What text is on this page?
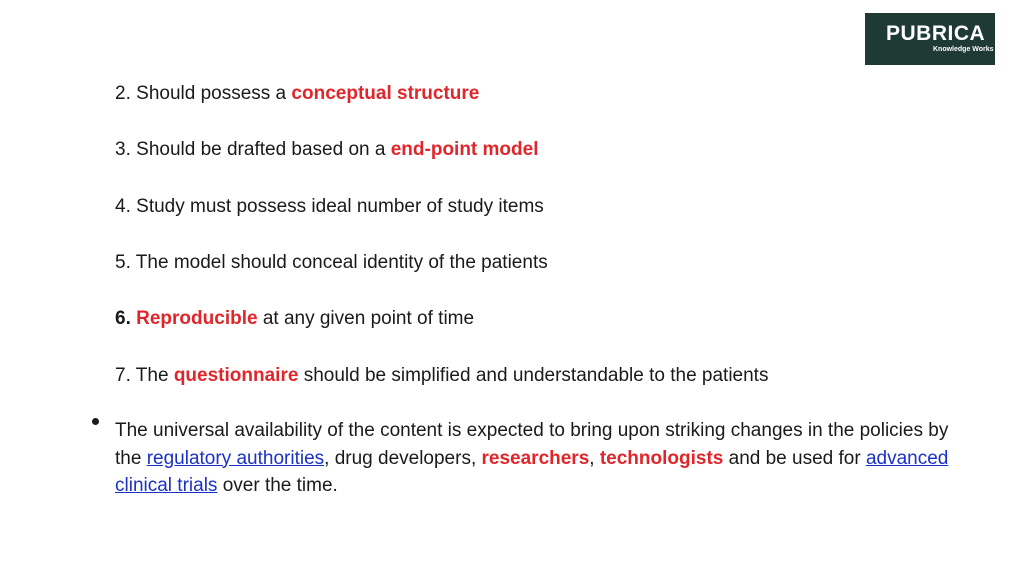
PUBRICA
Knowledge Works
2. Should possess a conceptual structure
3. Should be drafted based on a end-point model
4. Study must possess ideal number of study items
5. The model should conceal identity of the patients
6. Reproducible at any given point of time
7. The questionnaire should be simplified and understandable to the patients
The universal availability of the content is expected to bring upon striking changes in the policies by the regulatory authorities, drug developers, researchers, technologists and be used for advanced clinical trials over the time.
